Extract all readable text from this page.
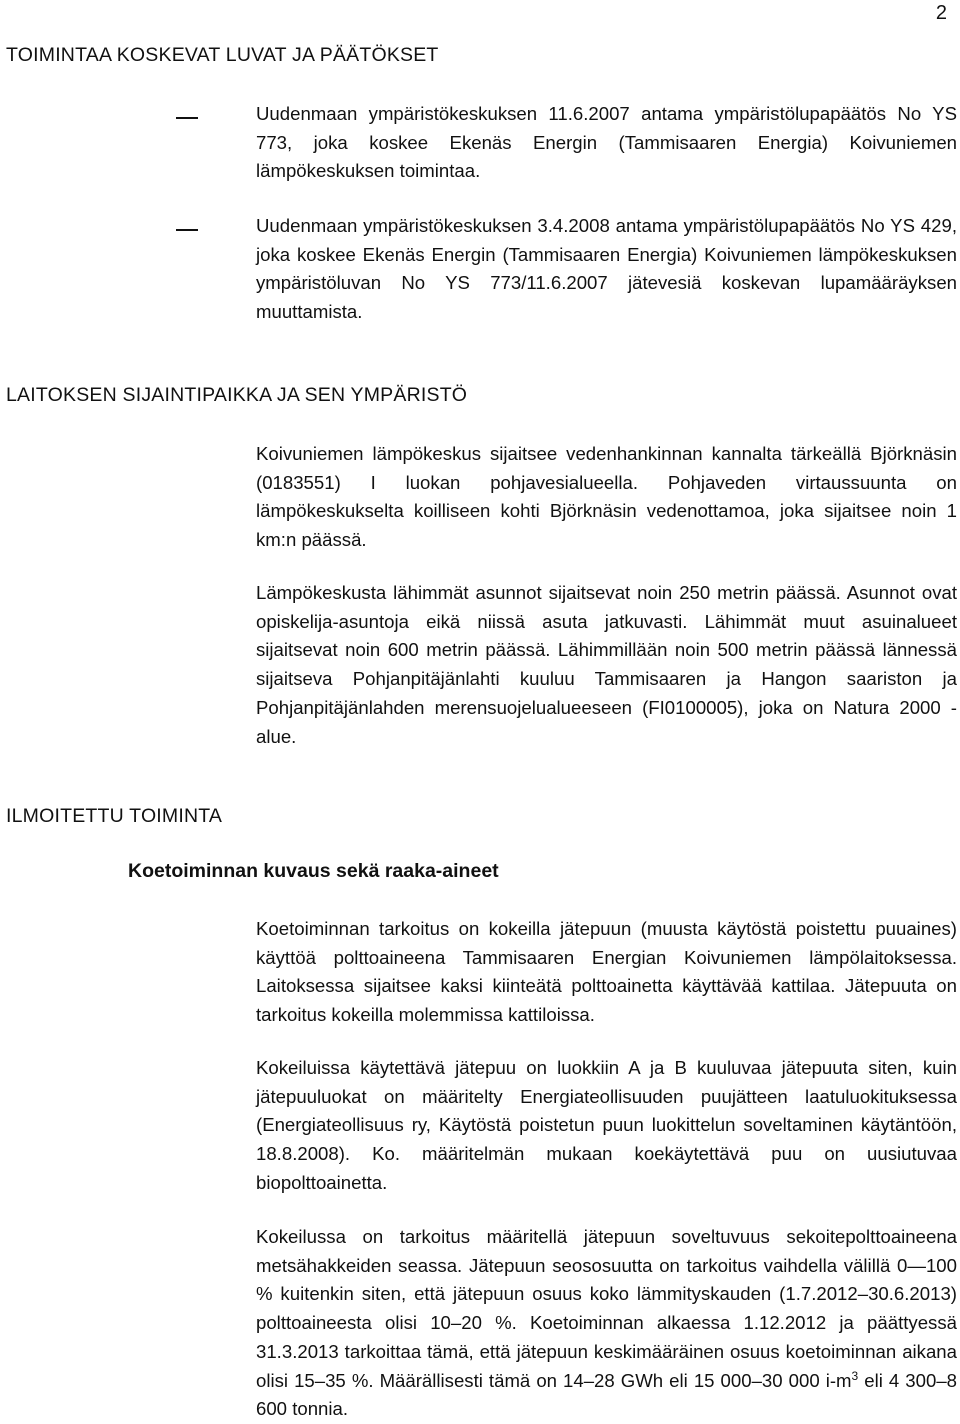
2
TOIMINTAA KOSKEVAT LUVAT JA PÄÄTÖKSET

Uudenmaan ympäristökeskuksen 11.6.2007 antama ympäristölupapäätös No YS 773, joka koskee Ekenäs Energin (Tammisaaren Energia) Koivuniemen lämpökeskuksen toimintaa.

Uudenmaan ympäristökeskuksen 3.4.2008 antama ympäristölupapäätös No YS 429, joka koskee Ekenäs Energin (Tammisaaren Energia) Koivuniemen lämpökeskuksen ympäristöluvan No YS 773/11.6.2007 jätevesiä koskevan lupamääräyksen muuttamista.

LAITOKSEN SIJAINTIPAIKKA JA SEN YMPÄRISTÖ

Koivuniemen lämpökeskus sijaitsee vedenhankinnan kannalta tärkeällä Björknäsin (0183551) I luokan pohjavesialueella. Pohjaveden virtaussuunta on lämpökeskukselta koilliseen kohti Björknäsin vedenottamoa, joka sijaitsee noin 1 km:n päässä.

Lämpökeskusta lähimmät asunnot sijaitsevat noin 250 metrin päässä. Asunnot ovat opiskelija-asuntoja eikä niissä asuta jatkuvasti. Lähimmät muut asuinalueet sijaitsevat noin 600 metrin päässä. Lähimmillään noin 500 metrin päässä lännessä sijaitseva Pohjanpitäjänlahti kuuluu Tammisaaren ja Hangon saariston ja Pohjanpitäjänlahden merensuojelualueeseen (FI0100005), joka on Natura 2000 -alue.

ILMOITETTU TOIMINTA
Koetoiminnan kuvaus sekä raaka-aineet

Koetoiminnan tarkoitus on kokeilla jätepuun (muusta käytöstä poistettu puuaines) käyttöä polttoaineena Tammisaaren Energian Koivuniemen lämpölaitoksessa. Laitoksessa sijaitsee kaksi kiinteätä polttoainetta käyttävää kattilaa. Jätepuuta on tarkoitus kokeilla molemmissa kattiloissa.

Kokeiluissa käytettävä jätepuu on luokkiin A ja B kuuluvaa jätepuuta siten, kuin jätepuuluokat on määritelty Energiateollisuuden puujätteen laatuluokituksessa (Energiateollisuus ry, Käytöstä poistetun puun luokittelun soveltaminen käytäntöön, 18.8.2008). Ko. määritelmän mukaan koekäytettävä puu on uusiutuvaa biopolttoainetta.

Kokeilussa on tarkoitus määritellä jätepuun soveltuvuus sekoitepolttoaineena metsähakkeiden seassa. Jätepuun seososuutta on tarkoitus vaihdella välillä 0—100 % kuitenkin siten, että jätepuun osuus koko lämmityskauden (1.7.2012–30.6.2013) polttoaineesta olisi 10–20 %. Koetoiminnan alkaessa 1.12.2012 ja päättyessä 31.3.2013 tarkoittaa tämä, että jätepuun keskimääräinen osuus koetoiminnan aikana olisi 15–35 %. Määrällisesti tämä on 14–28 GWh eli 15 000–30 000 $i-m^3$ eli 4 300–8 600 tonnia.
